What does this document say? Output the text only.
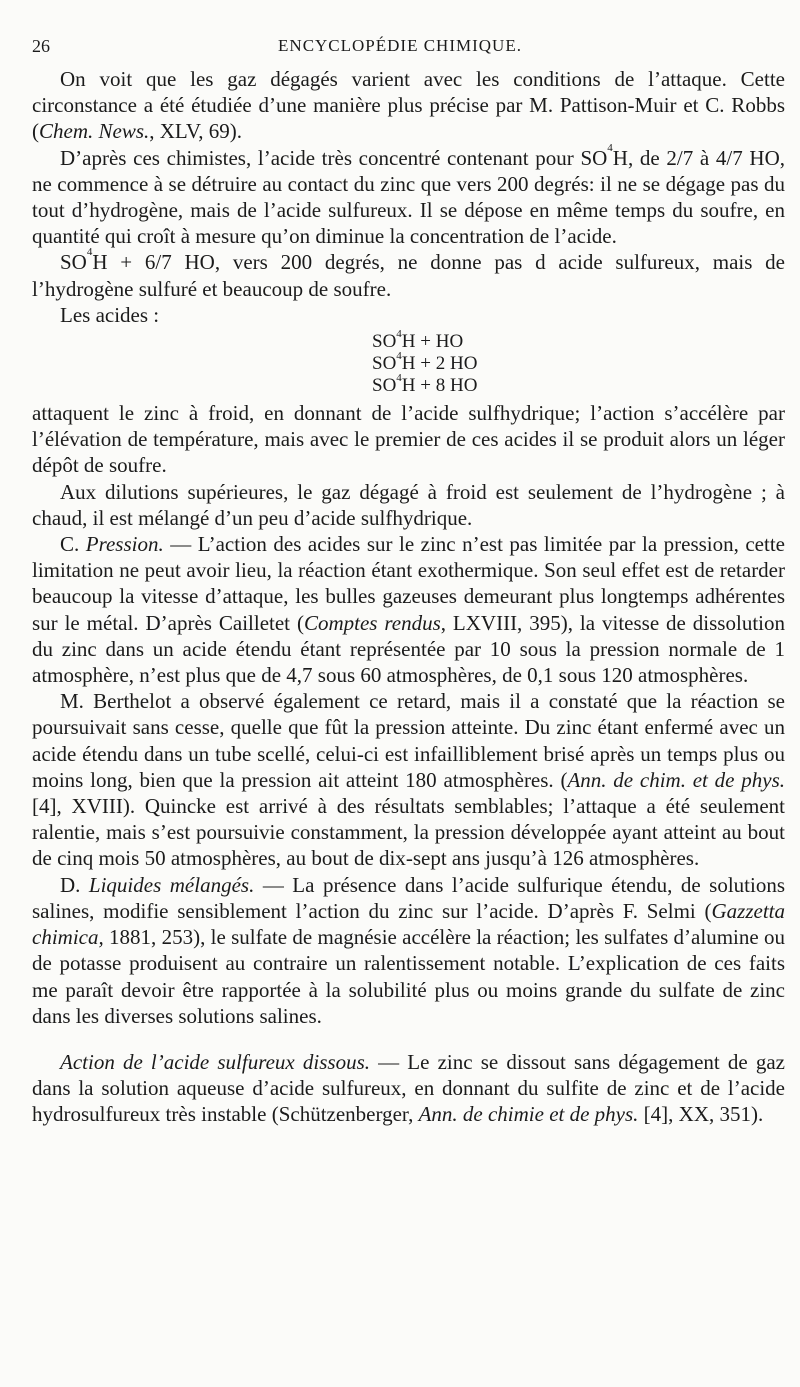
26	ENCYCLOPÉDIE CHIMIQUE.

On voit que les gaz dégagés varient avec les conditions de l’attaque. Cette circonstance a été étudiée d’une manière plus précise par M. Pattison-Muir et C. Robbs (Chem. News., XLV, 69).

D’après ces chimistes, l’acide très concentré contenant pour $SO^4H$, de 2/7 à 4/7 HO, ne commence à se détruire au contact du zinc que vers 200 degrés: il ne se dégage pas du tout d’hydrogène, mais de l’acide sulfureux. Il se dépose en même temps du soufre, en quantité qui croît à mesure qu’on diminue la concentration de l’acide.

$SO^4H + 6/7$ HO, vers 200 degrés, ne donne pas d acide sulfureux, mais de l’hydrogène sulfuré et beaucoup de soufre.

Les acides :

$SO^4H$ + HO
$SO^4H + 2$ HO
$SO^4H + 8$ HO

attaquent le zinc à froid, en donnant de l’acide sulfhydrique; l’action s’accélère par l’élévation de température, mais avec le premier de ces acides il se produit alors un léger dépôt de soufre.

Aux dilutions supérieures, le gaz dégagé à froid est seulement de l’hydrogène ; à chaud, il est mélangé d’un peu d’acide sulfhydrique.

C. Pression. — L’action des acides sur le zinc n’est pas limitée par la pression, cette limitation ne peut avoir lieu, la réaction étant exothermique. Son seul effet est de retarder beaucoup la vitesse d’attaque, les bulles gazeuses demeurant plus longtemps adhérentes sur le métal. D’après Cailletet (Comptes rendus, LXVIII, 395), la vitesse de dissolution du zinc dans un acide étendu étant représentée par 10 sous la pression normale de 1 atmosphère, n’est plus que de 4,7 sous 60 atmosphères, de 0,1 sous 120 atmosphères.

M. Berthelot a observé également ce retard, mais il a constaté que la réaction se poursuivait sans cesse, quelle que fût la pression atteinte. Du zinc étant enfermé avec un acide étendu dans un tube scellé, celui-ci est infailliblement brisé après un temps plus ou moins long, bien que la pression ait atteint 180 atmosphères. (Ann. de chim. et de phys. [4], XVIII). Quincke est arrivé à des résultats semblables; l’attaque a été seulement ralentie, mais s’est poursuivie constamment, la pression développée ayant atteint au bout de cinq mois 50 atmosphères, au bout de dix-sept ans jusqu’à 126 atmosphères.

D. Liquides mélangés. — La présence dans l’acide sulfurique étendu, de solutions salines, modifie sensiblement l’action du zinc sur l’acide. D’après F. Selmi (Gazzetta chimica, 1881, 253), le sulfate de magnésie accélère la réaction; les sulfates d’alumine ou de potasse produisent au contraire un ralentissement notable. L’explication de ces faits me paraît devoir être rapportée à la solubilité plus ou moins grande du sulfate de zinc dans les diverses solutions salines.

Action de l’acide sulfureux dissous. — Le zinc se dissout sans dégagement de gaz dans la solution aqueuse d’acide sulfureux, en donnant du sulfite de zinc et de l’acide hydrosulfureux très instable (Schützenberger, Ann. de chimie et de phys. [4], XX, 351).
